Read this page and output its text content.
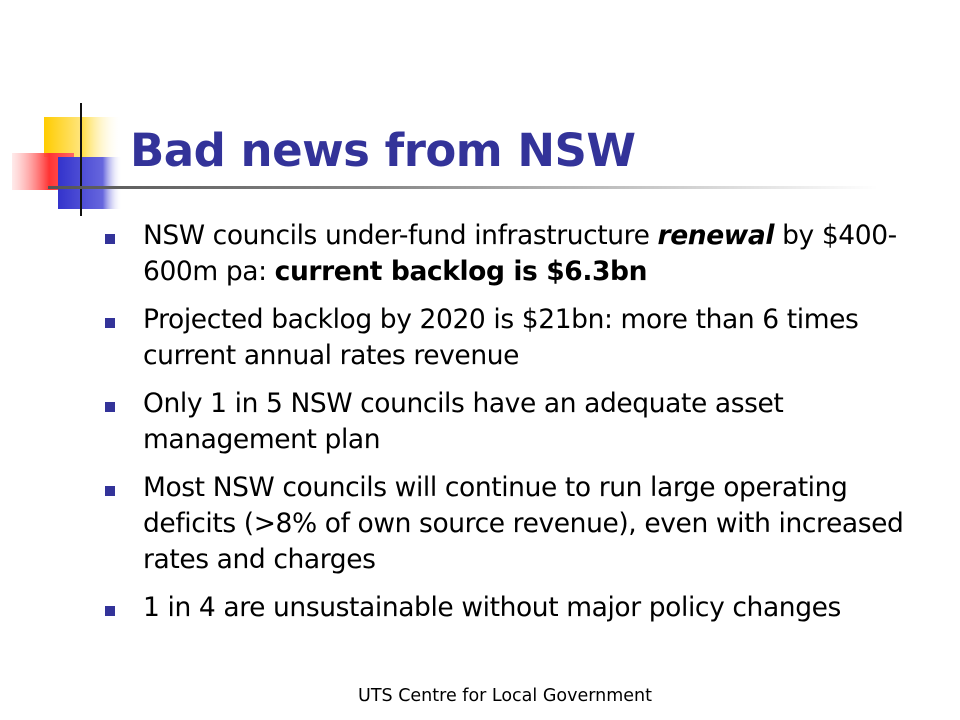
Bad news from NSW
NSW councils under-fund infrastructure renewal by $400-600m pa: current backlog is $6.3bn
Projected backlog by 2020 is $21bn: more than 6 times current annual rates revenue
Only 1 in 5 NSW councils have an adequate asset management plan
Most NSW councils will continue to run large operating deficits (>8% of own source revenue), even with increased rates and charges
1 in 4 are unsustainable without major policy changes
UTS Centre for Local Government
